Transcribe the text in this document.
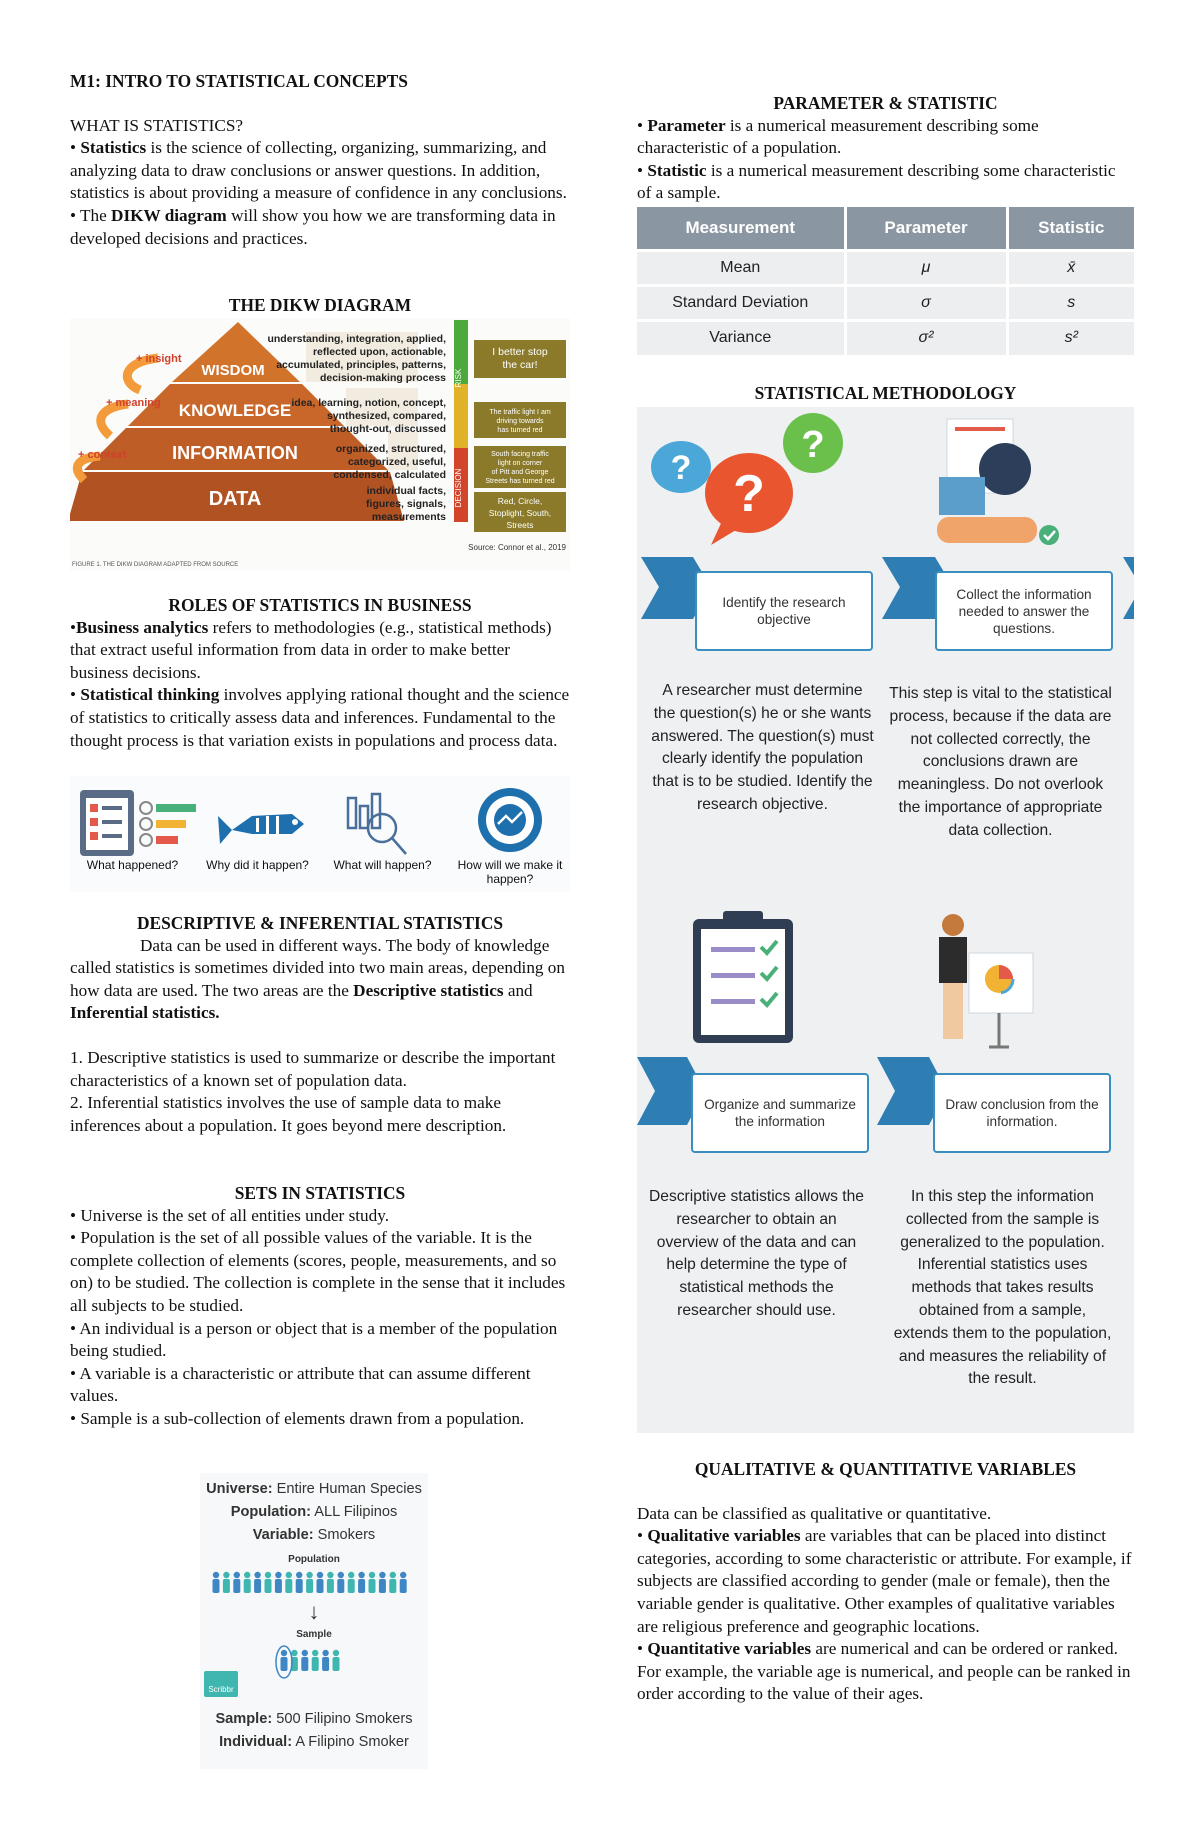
M1: INTRO TO STATISTICAL CONCEPTS

WHAT IS STATISTICS?

• Statistics is the science of collecting, organizing, summarizing, and analyzing data to draw conclusions or answer questions. In addition, statistics is about providing a measure of confidence in any conclusions.

• The DIKW diagram will show you how we are transforming data in developed decisions and practices.

THE DIKW DIAGRAM
WISDOM
KNOWLEDGE
INFORMATION
DATA
+ insight
+ meaning
+ context
understanding, integration, applied,
reflected upon, actionable,
accumulated, principles, patterns,
decision-making process
idea, learning, notion, concept,
synthesized, compared,
thought-out, discussed
organized, structured,
categorized, useful,
condensed, calculated
individual facts,
figures, signals,
measurements
RISK
DECISION
I better stop
the car!
The traffic light I am
driving towards
has turned red
South facing traffic
light on corner
of Pitt and George
Streets has turned red
Red, Circle,
Stoplight, South,
Streets
FIGURE 1. THE DIKW DIAGRAM ADAPTED FROM SOURCE
Source: Connor et al., 2019

ROLES OF STATISTICS IN BUSINESS

•Business analytics refers to methodologies (e.g., statistical methods) that extract useful information from data in order to make better business decisions.

• Statistical thinking involves applying rational thought and the science of statistics to critically assess data and inferences. Fundamental to the thought process is that variation exists in populations and process data.

What happened?	Why did it happen?	What will happen?	How will we make it happen?

DESCRIPTIVE & INFERENTIAL STATISTICS

Data can be used in different ways. The body of knowledge called statistics is sometimes divided into two main areas, depending on how data are used. The two areas are the Descriptive statistics and Inferential statistics.

1. Descriptive statistics is used to summarize or describe the important characteristics of a known set of population data.

2. Inferential statistics involves the use of sample data to make inferences about a population. It goes beyond mere description.

SETS IN STATISTICS

• Universe is the set of all entities under study.

• Population is the set of all possible values of the variable. It is the complete collection of elements (scores, people, measurements, and so on) to be studied. The collection is complete in the sense that it includes all subjects to be studied.

• An individual is a person or object that is a member of the population being studied.

• A variable is a characteristic or attribute that can assume different values.

• Sample is a sub-collection of elements drawn from a population.

Universe: Entire Human Species
Population: ALL Filipinos
Variable: Smokers
Population
↓
Sample
Scribbr
Sample: 500 Filipino Smokers
Individual: A Filipino Smoker

PARAMETER & STATISTIC

• Parameter is a numerical measurement describing some characteristic of a population.

• Statistic is a numerical measurement describing some characteristic of a sample.

Measurement	Parameter	Statistic
Mean	μ	x̄
Standard Deviation	σ	s
Variance	σ²	s²
STATISTICAL METHODOLOGY
?
?
?
Identify the research objective
Collect the information needed to answer the questions.
A researcher must determine the question(s) he or she wants answered. The question(s) must clearly identify the population that is to be studied. Identify the research objective.
This step is vital to the statistical process, because if the data are not collected correctly, the conclusions drawn are meaningless. Do not overlook the importance of appropriate data collection.
Organize and summarize the information
Draw conclusion from the information.
Descriptive statistics allows the researcher to obtain an overview of the data and can help determine the type of statistical methods the researcher should use.
In this step the information collected from the sample is generalized to the population. Inferential statistics uses methods that takes results obtained from a sample, extends them to the population, and measures the reliability of the result.

QUALITATIVE & QUANTITATIVE VARIABLES

Data can be classified as qualitative or quantitative.

• Qualitative variables are variables that can be placed into distinct categories, according to some characteristic or attribute. For example, if subjects are classified according to gender (male or female), then the variable gender is qualitative. Other examples of qualitative variables are religious preference and geographic locations.

• Quantitative variables are numerical and can be ordered or ranked. For example, the variable age is numerical, and people can be ranked in order according to the value of their ages.
